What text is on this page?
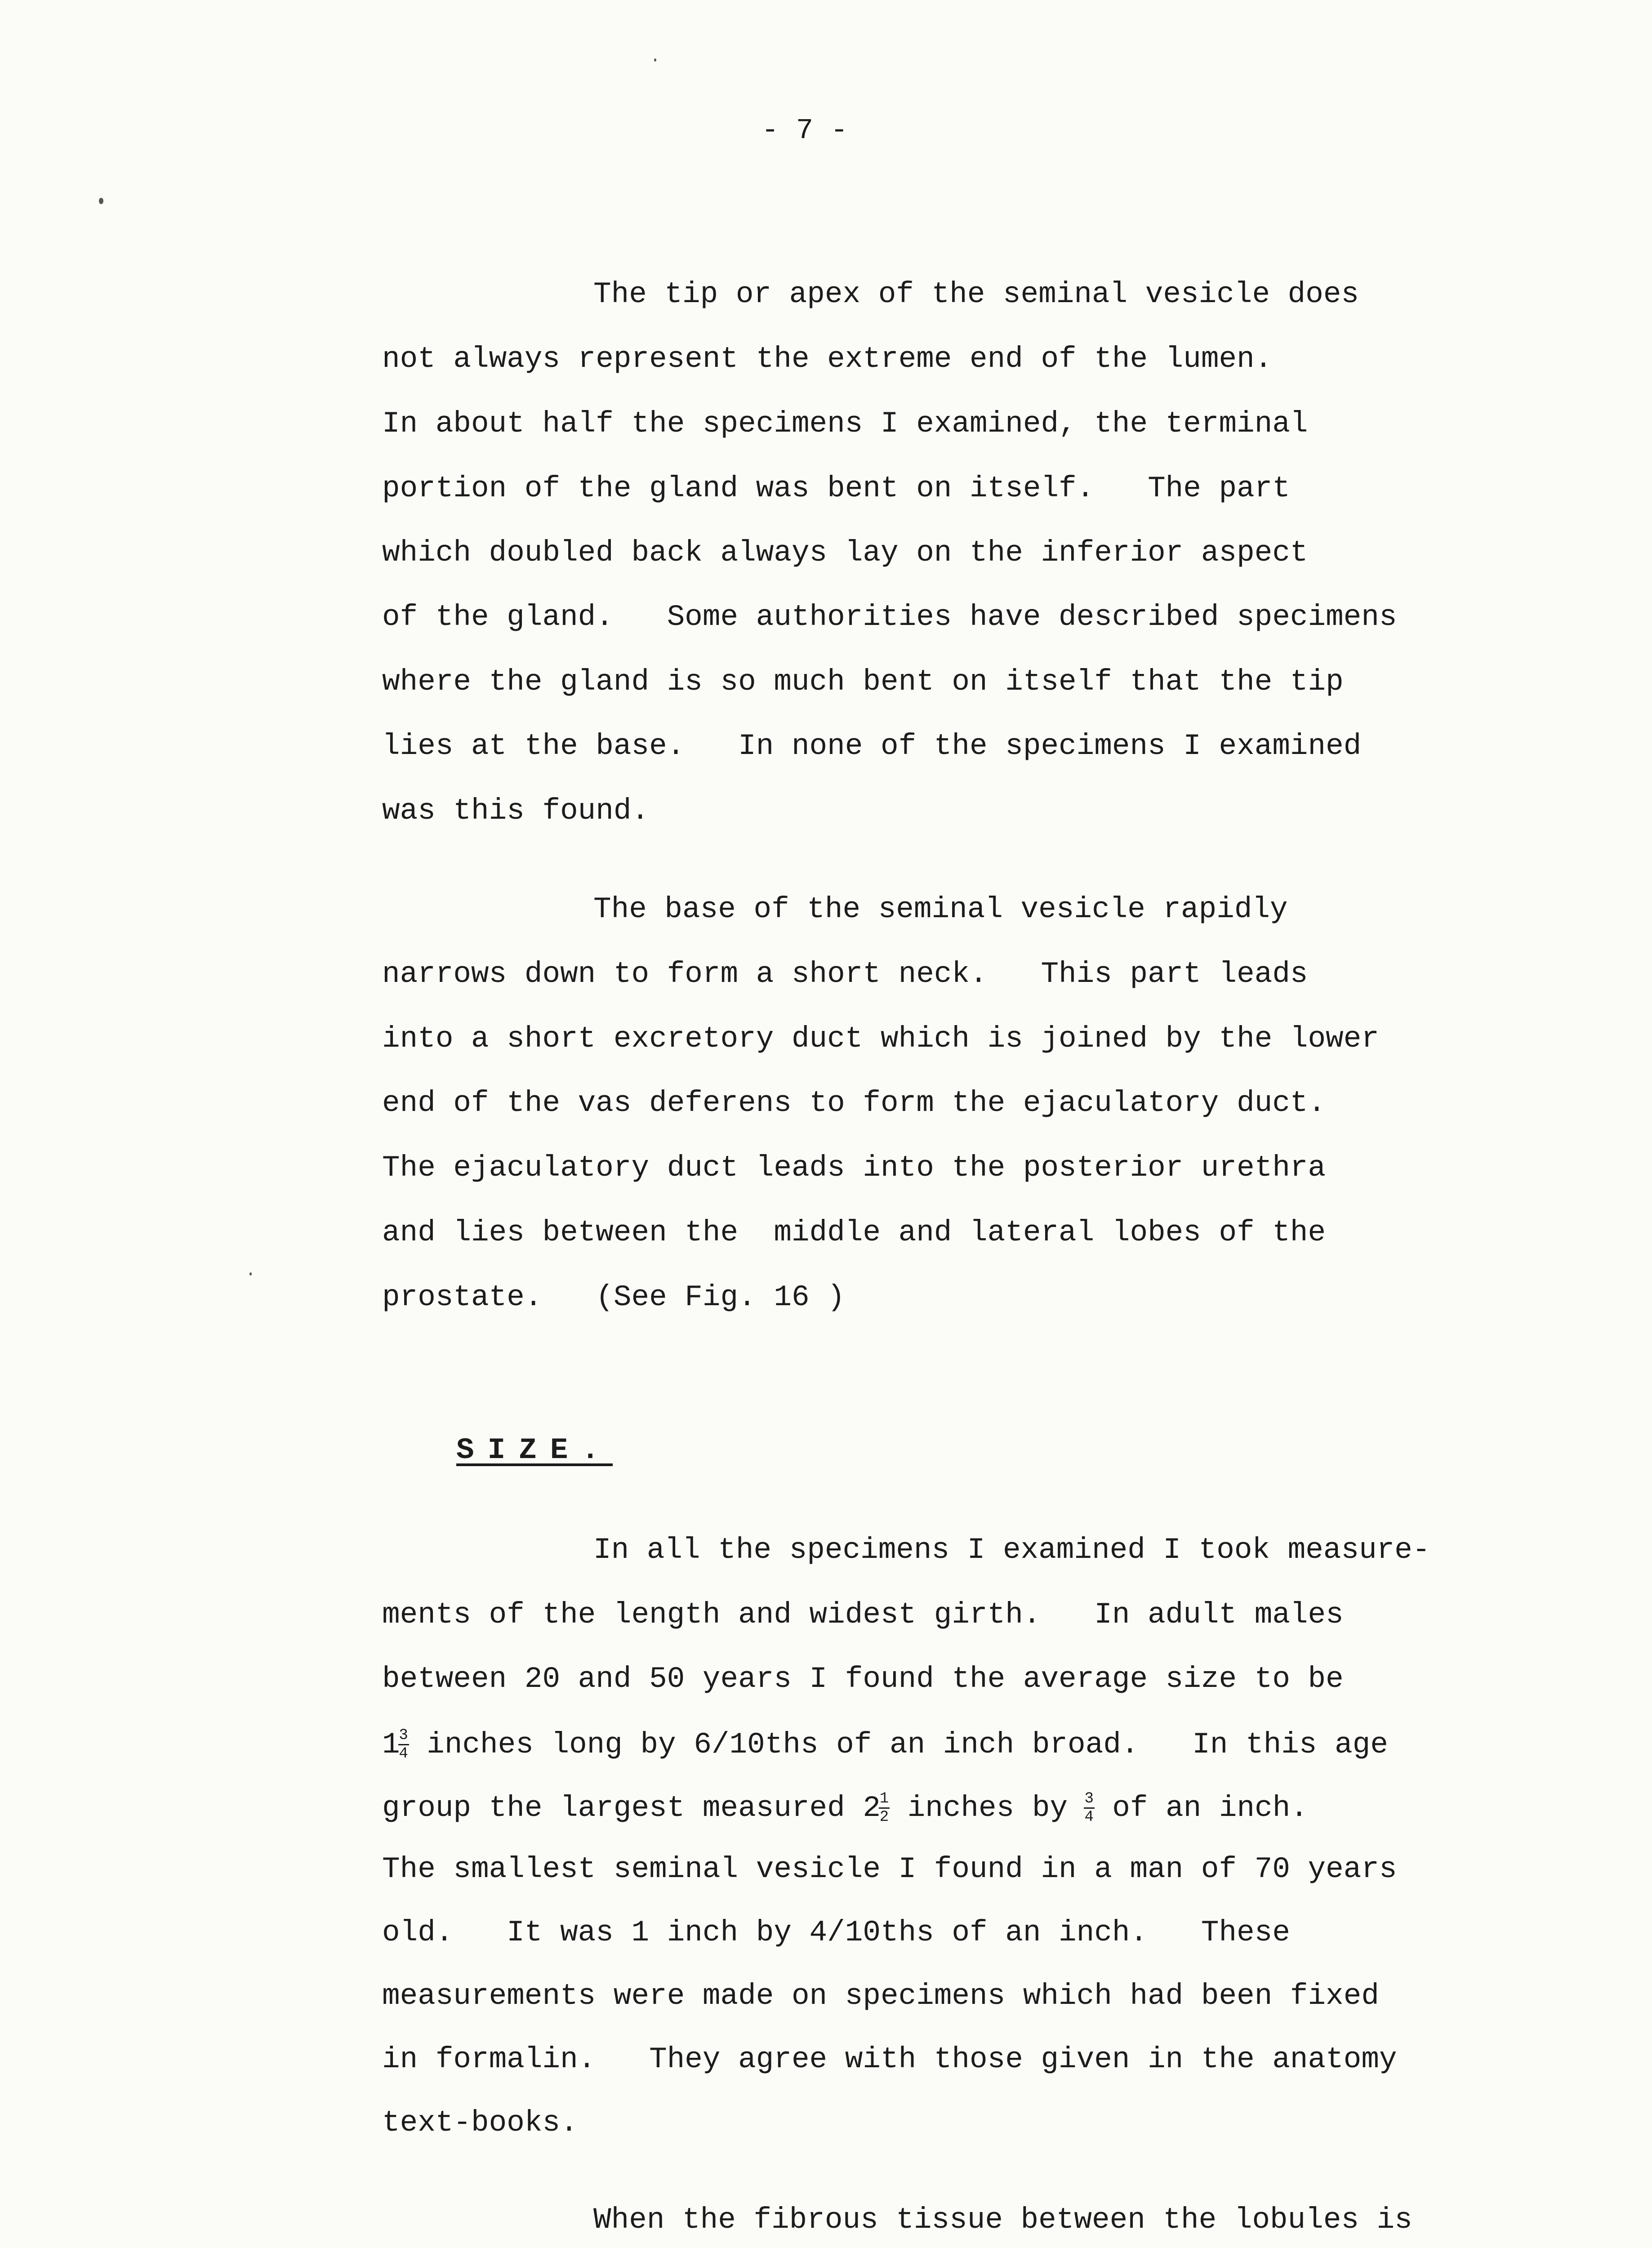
- 7 -
The tip or apex of the seminal vesicle does
not always represent the extreme end of the lumen.
In about half the specimens I examined, the terminal
portion of the gland was bent on itself.   The part
which doubled back always lay on the inferior aspect
of the gland.   Some authorities have described specimens
where the gland is so much bent on itself that the tip
lies at the base.   In none of the specimens I examined
was this found.
The base of the seminal vesicle rapidly
narrows down to form a short neck.   This part leads
into a short excretory duct which is joined by the lower
end of the vas deferens to form the ejaculatory duct.
The ejaculatory duct leads into the posterior urethra
and lies between the  middle and lateral lobes of the
prostate.   (See Fig. 16 )
SIZE.
In all the specimens I examined I took measure-
ments of the length and widest girth.   In adult males
between 20 and 50 years I found the average size to be
1
$\frac{3}{4}$ inches long by 6/10ths of an inch broad.   In this age
group the largest measured 2
$\frac{1}{2}$ inches by
$\frac{3}{4}$ of an inch.
The smallest seminal vesicle I found in a man of 70 years
old.   It was 1 inch by 4/10ths of an inch.   These
measurements were made on specimens which had been fixed
in formalin.   They agree with those given in the anatomy
text-books.
When the fibrous tissue between the lobules is
